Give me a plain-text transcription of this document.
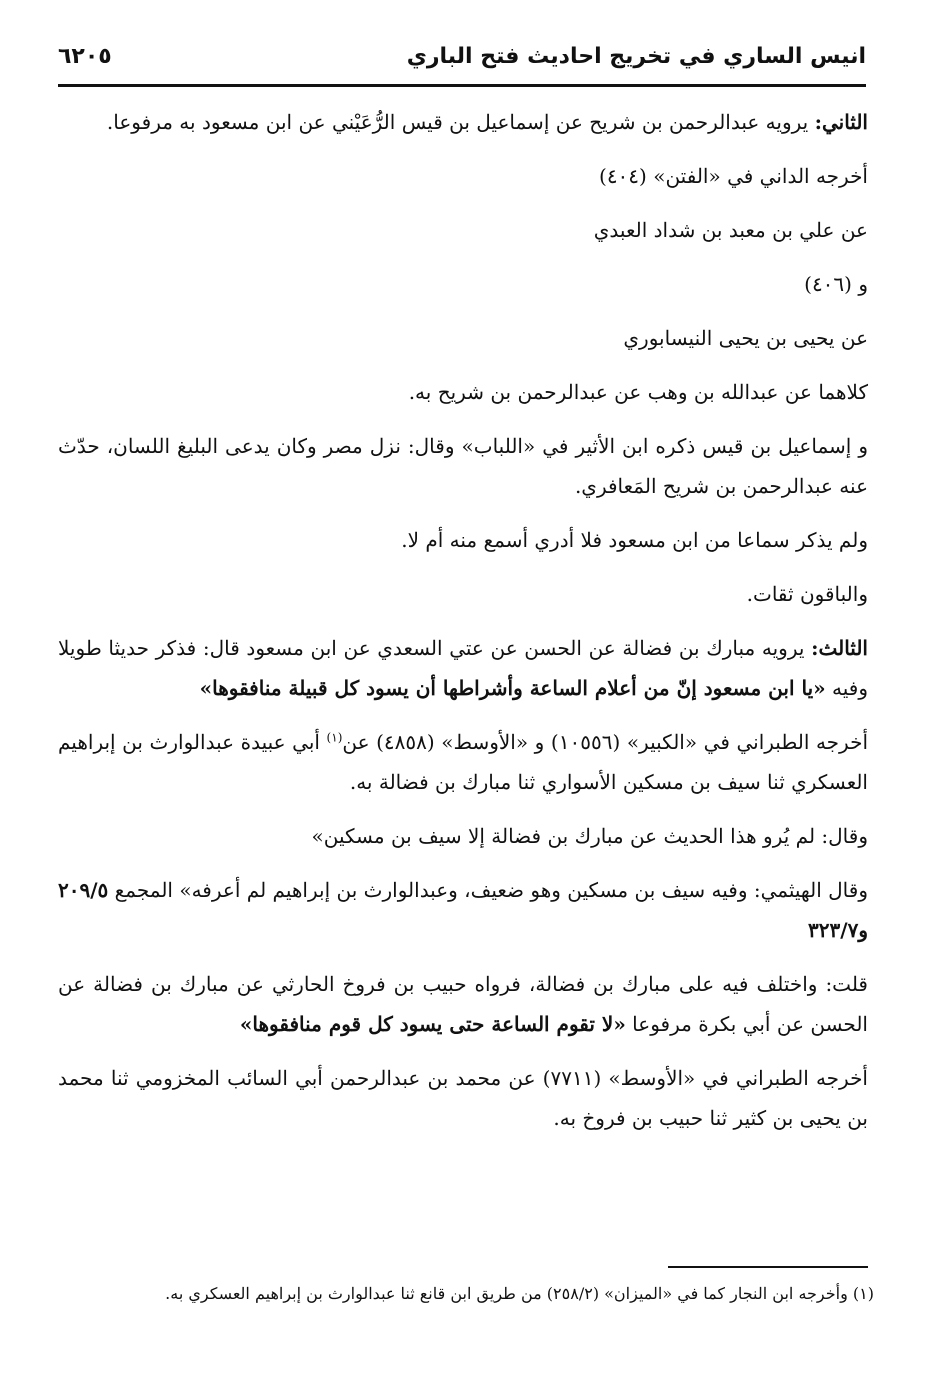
انيس الساري في تخريج احاديث فتح الباري
٦٢٠٥

الثاني: يرويه عبدالرحمن بن شريح عن إسماعيل بن قيس الرُّعَيْني عن ابن مسعود به مرفوعا.

أخرجه الداني في «الفتن» (٤٠٤)

عن علي بن معبد بن شداد العبدي

و (٤٠٦)

عن يحيى بن يحيى النيسابوري

كلاهما عن عبدالله بن وهب عن عبدالرحمن بن شريح به.

و إسماعيل بن قيس ذكره ابن الأثير في «اللباب» وقال: نزل مصر وكان يدعى البليغ اللسان، حدّث عنه عبدالرحمن بن شريح المَعافري.

ولم يذكر سماعا من ابن مسعود فلا أدري أسمع منه أم لا.

والباقون ثقات.

الثالث: يرويه مبارك بن فضالة عن الحسن عن عتي السعدي عن ابن مسعود قال: فذكر حديثا طويلا وفيه «يا ابن مسعود إنّ من أعلام الساعة وأشراطها أن يسود كل قبيلة منافقوها»

أخرجه الطبراني في «الكبير» (١٠٥٥٦) و «الأوسط» (٤٨٥٨) عن$^{(١)}$ أبي عبيدة عبدالوارث بن إبراهيم العسكري ثنا سيف بن مسكين الأسواري ثنا مبارك بن فضالة به.

وقال: لم يُرو هذا الحديث عن مبارك بن فضالة إلا سيف بن مسكين»

وقال الهيثمي: وفيه سيف بن مسكين وهو ضعيف، وعبدالوارث بن إبراهيم لم أعرفه» المجمع ٢٠٩/٥ و٣٢٣/٧

قلت: واختلف فيه على مبارك بن فضالة، فرواه حبيب بن فروخ الحارثي عن مبارك بن فضالة عن الحسن عن أبي بكرة مرفوعا «لا تقوم الساعة حتى يسود كل قوم منافقوها»

أخرجه الطبراني في «الأوسط» (٧٧١١) عن محمد بن عبدالرحمن أبي السائب المخزومي ثنا محمد بن يحيى بن كثير ثنا حبيب بن فروخ به.

(١) وأخرجه ابن النجار كما في «الميزان» (٢٥٨/٢) من طريق ابن قانع ثنا عبدالوارث بن إبراهيم العسكري به.
